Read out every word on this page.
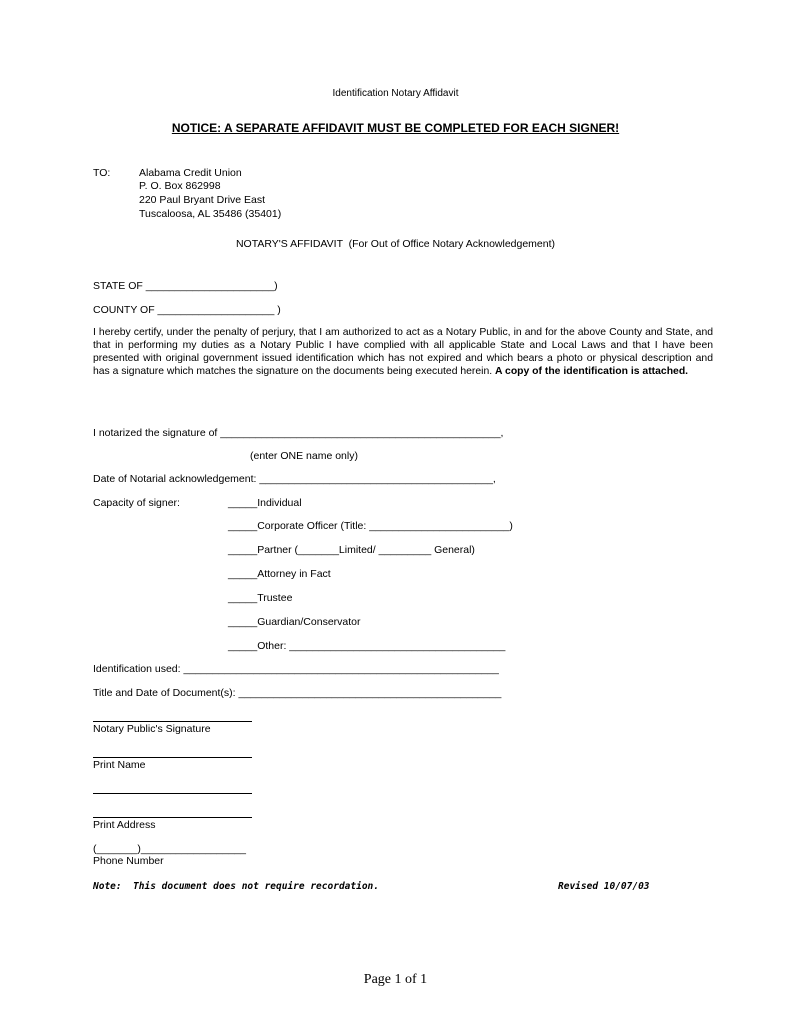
Identification Notary Affidavit
NOTICE: A SEPARATE AFFIDAVIT MUST BE COMPLETED FOR EACH SIGNER!
TO:	Alabama Credit Union
P. O. Box 862998
220 Paul Bryant Drive East
Tuscaloosa, AL 35486 (35401)
NOTARY'S AFFIDAVIT  (For Out of Office Notary Acknowledgement)
STATE OF ______________________)
COUNTY OF ____________________ )
I hereby certify, under the penalty of perjury, that I am authorized to act as a Notary Public, in and for the above County and State, and that in performing my duties as a Notary Public I have complied with all applicable State and Local Laws and that I have been presented with original government issued identification which has not expired and which bears a photo or physical description and has a signature which matches the signature on the documents being executed herein. A copy of the identification is attached.
I notarized the signature of ________________________________________________,
(enter ONE name only)
Date of Notarial acknowledgement: ________________________________________,
Capacity of signer:	_____Individual
_____Corporate Officer (Title: ________________________)
_____Partner (_______Limited/ _________ General)
_____Attorney in Fact
_____Trustee
_____Guardian/Conservator
_____Other: _____________________________________
Identification used: ______________________________________________________
Title and Date of Document(s): _____________________________________________
Notary Public's Signature
Print Name
Print Address
(_______)__________________
Phone Number
Note:  This document does not require recordation.	Revised 10/07/03
Page 1 of 1
